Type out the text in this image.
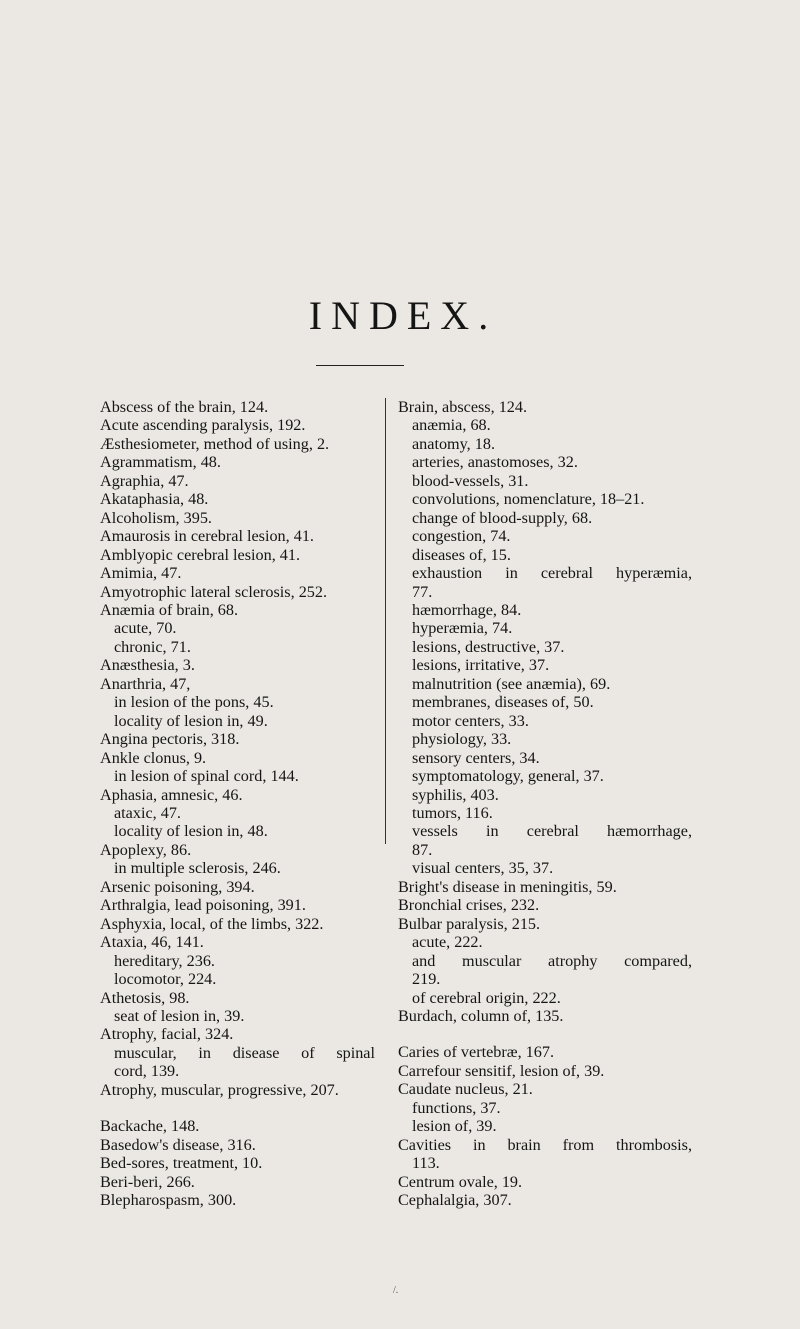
INDEX.
Abscess of the brain, 124.
Acute ascending paralysis, 192.
Æsthesiometer, method of using, 2.
Agrammatism, 48.
Agraphia, 47.
Akataphasia, 48.
Alcoholism, 395.
Amaurosis in cerebral lesion, 41.
Amblyopic cerebral lesion, 41.
Amimia, 47.
Amyotrophic lateral sclerosis, 252.
Anæmia of brain, 68.
acute, 70.
chronic, 71.
Anæsthesia, 3.
Anarthria, 47,
in lesion of the pons, 45.
locality of lesion in, 49.
Angina pectoris, 318.
Ankle clonus, 9.
in lesion of spinal cord, 144.
Aphasia, amnesic, 46.
ataxic, 47.
locality of lesion in, 48.
Apoplexy, 86.
in multiple sclerosis, 246.
Arsenic poisoning, 394.
Arthralgia, lead poisoning, 391.
Asphyxia, local, of the limbs, 322.
Ataxia, 46, 141.
hereditary, 236.
locomotor, 224.
Athetosis, 98.
seat of lesion in, 39.
Atrophy, facial, 324.
muscular, in disease of spinal
cord, 139.
Atrophy, muscular, progressive, 207.
Backache, 148.
Basedow's disease, 316.
Bed-sores, treatment, 10.
Beri-beri, 266.
Blepharospasm, 300.
Brain, abscess, 124.
anæmia, 68.
anatomy, 18.
arteries, anastomoses, 32.
blood-vessels, 31.
convolutions, nomenclature, 18–21.
change of blood-supply, 68.
congestion, 74.
diseases of, 15.
exhaustion in cerebral hyperæmia,
77.
hæmorrhage, 84.
hyperæmia, 74.
lesions, destructive, 37.
lesions, irritative, 37.
malnutrition (see anæmia), 69.
membranes, diseases of, 50.
motor centers, 33.
physiology, 33.
sensory centers, 34.
symptomatology, general, 37.
syphilis, 403.
tumors, 116.
vessels in cerebral hæmorrhage,
87.
visual centers, 35, 37.
Bright's disease in meningitis, 59.
Bronchial crises, 232.
Bulbar paralysis, 215.
acute, 222.
and muscular atrophy compared,
219.
of cerebral origin, 222.
Burdach, column of, 135.
Caries of vertebræ, 167.
Carrefour sensitif, lesion of, 39.
Caudate nucleus, 21.
functions, 37.
lesion of, 39.
Cavities in brain from thrombosis,
113.
Centrum ovale, 19.
Cephalalgia, 307.
/.
